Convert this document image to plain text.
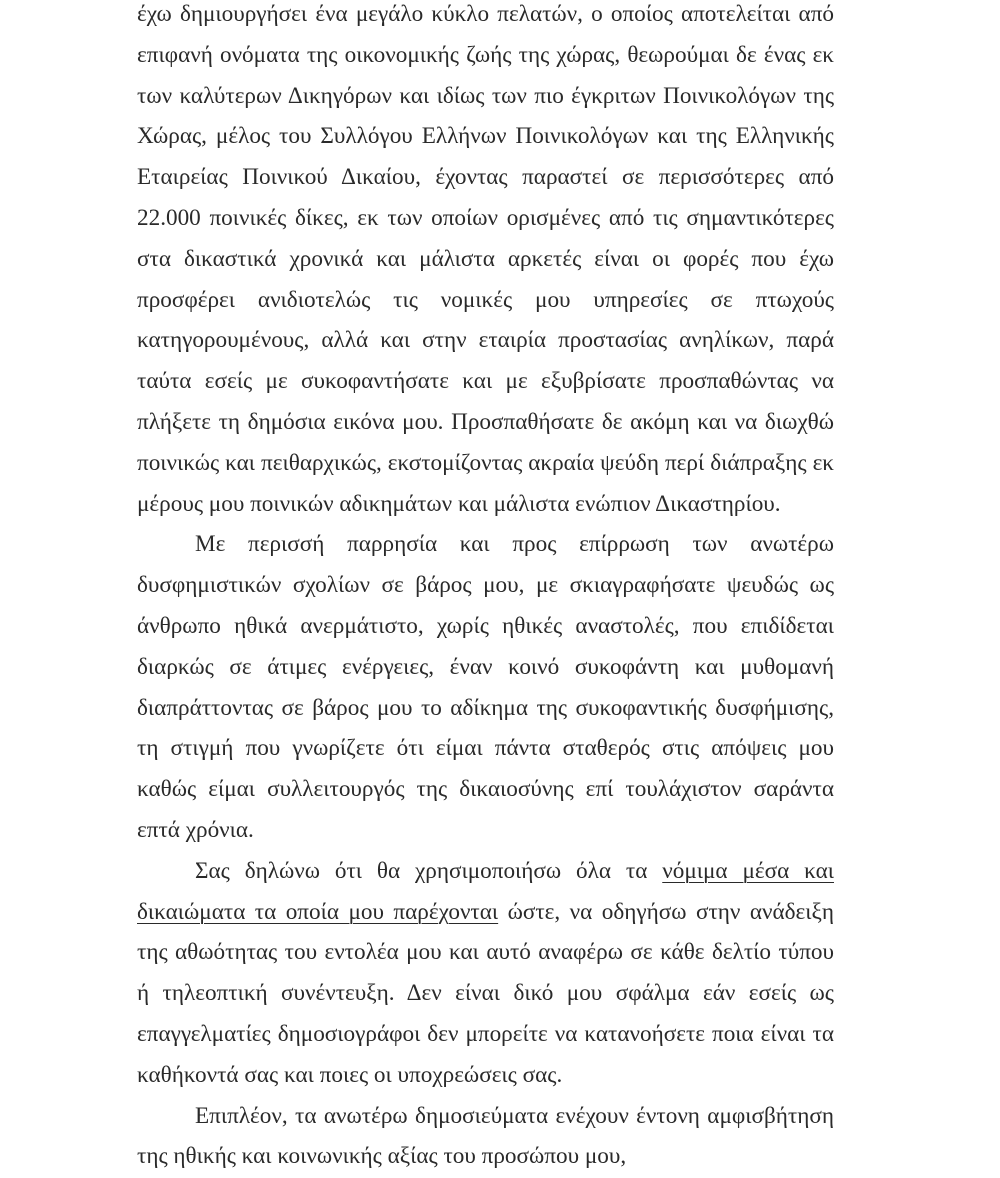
έχω δημιουργήσει ένα μεγάλο κύκλο πελατών, ο οποίος αποτελείται από επιφανή ονόματα της οικονομικής ζωής της χώρας, θεωρούμαι δε ένας εκ των καλύτερων Δικηγόρων και ιδίως των πιο έγκριτων Ποινικολόγων της Χώρας, μέλος του Συλλόγου Ελλήνων Ποινικολόγων και της Ελληνικής Εταιρείας Ποινικού Δικαίου, έχοντας παραστεί σε περισσότερες από 22.000 ποινικές δίκες, εκ των οποίων ορισμένες από τις σημαντικότερες στα δικαστικά χρονικά και μάλιστα αρκετές είναι οι φορές που έχω προσφέρει ανιδιοτελώς τις νομικές μου υπηρεσίες σε πτωχούς κατηγορουμένους, αλλά και στην εταιρία προστασίας ανηλίκων, παρά ταύτα εσείς με συκοφαντήσατε και με εξυβρίσατε προσπαθώντας να πλήξετε τη δημόσια εικόνα μου. Προσπαθήσατε δε ακόμη και να διωχθώ ποινικώς και πειθαρχικώς, εκστομίζοντας ακραία ψεύδη περί διάπραξης εκ μέρους μου ποινικών αδικημάτων και μάλιστα ενώπιον Δικαστηρίου.

Με περισσή παρρησία και προς επίρρωση των ανωτέρω δυσφημιστικών σχολίων σε βάρος μου, με σκιαγραφήσατε ψευδώς ως άνθρωπο ηθικά ανερμάτιστο, χωρίς ηθικές αναστολές, που επιδίδεται διαρκώς σε άτιμες ενέργειες, έναν κοινό συκοφάντη και μυθομανή διαπράττοντας σε βάρος μου το αδίκημα της συκοφαντικής δυσφήμισης, τη στιγμή που γνωρίζετε ότι είμαι πάντα σταθερός στις απόψεις μου καθώς είμαι συλλειτουργός της δικαιοσύνης επί τουλάχιστον σαράντα επτά χρόνια.

Σας δηλώνω ότι θα χρησιμοποιήσω όλα τα νόμιμα μέσα και δικαιώματα τα οποία μου παρέχονται ώστε, να οδηγήσω στην ανάδειξη της αθωότητας του εντολέα μου και αυτό αναφέρω σε κάθε δελτίο τύπου ή τηλεοπτική συνέντευξη. Δεν είναι δικό μου σφάλμα εάν εσείς ως επαγγελματίες δημοσιογράφοι δεν μπορείτε να κατανοήσετε ποια είναι τα καθήκοντά σας και ποιες οι υποχρεώσεις σας.

Επιπλέον, τα ανωτέρω δημοσιεύματα ενέχουν έντονη αμφισβήτηση της ηθικής και κοινωνικής αξίας του προσώπου μου,
